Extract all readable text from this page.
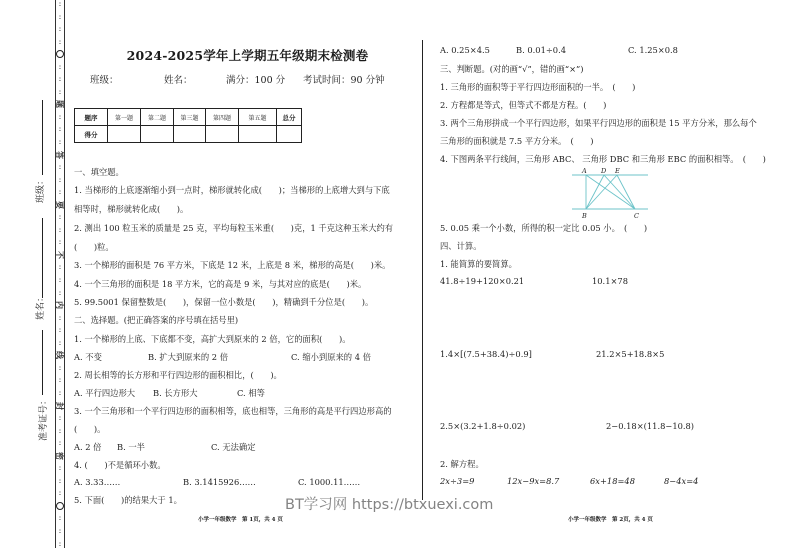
:
:
:
:
:
:
:
题
:
:
:
答
:
:
:
要
:
:
:
不
:
:
:
内
:
:
:
线
:
:
:
封
:
:
:
密
:
:
:
:
:
:
班级：
姓名：
准考证号：
2024-2025学年上学期五年级期末检测卷
班级：	姓名：	满分：100 分 考试时间：90 分钟
题序	第一题	第二题	第三题	第四题	第五题	总分
得分						
一、填空题。
1. 当梯形的上底逐渐缩小到一点时，梯形就转化成(　　)；当梯形的上底增大到与下底
相等时，梯形就转化成(　　)。
2. 测出 100 粒玉米的质量是 25 克，平均每粒玉米重(　　)克，1 千克这种玉米大约有
(　　)粒。
3. 一个梯形的面积是 76 平方米，下底是 12 米，上底是 8 米，梯形的高是(　　)米。
4. 一个三角形的面积是 18 平方米，它的高是 9 米，与其对应的底是(　　)米。
5. 99.5001 保留整数是(　　)，保留一位小数是(　　)，精确到千分位是(　　)。
二、选择题。(把正确答案的序号填在括号里)
1. 一个梯形的上底、下底都不变，高扩大到原来的 2 倍，它的面积(　　)。
A. 不变	B. 扩大到原来的 2 倍	C. 缩小到原来的 4 倍
2. 周长相等的长方形和平行四边形的面积相比，(　　)。
A. 平行四边形大 B. 长方形大	C. 相等
3. 一个三角形和一个平行四边形的面积相等，底也相等，三角形的高是平行四边形高的
(　　)。
A. 2 倍 B. 一半	C. 无法确定
4. (　　)不是循环小数。
A. 3.33……	B. 3.1415926……	C. 1000.11……
5. 下面(　　)的结果大于 1。
小学一年级数学　第 1页，共 4 页
A. 0.25×4.5	B. 0.01÷0.4	C. 1.25×0.8
三、判断题。(对的画“√”，错的画“×”)
1. 三角形的面积等于平行四边形面积的一半。　(　　)
2. 方程都是等式，但等式不都是方程。(　　)
3. 两个三角形拼成一个平行四边形，如果平行四边形的面积是 15 平方分米，那么每个
三角形的面积就是 7.5 平方分米。　(　　)
4. 下图两条平行线间，三角形 ABC、 三角形 DBC 和三角形 EBC 的面积相等。　(　　)
A D E
B	C
5. 0.05 乘一个小数，所得的积一定比 0.05 小。　(　　)
四、计算。
1. 能简算的要简算。
41.8÷19+120×0.21	10.1×78
1.4×[(7.5+38.4)÷0.9]	21.2×5+18.8×5
2.5×(3.2+1.8÷0.02)	2−0.18×(11.8−10.8)
2. 解方程。
2x÷3=9	12x−9x=8.7	6x+18=48	8−4x=4
小学一年级数学　第 2页，共 4 页
BT学习网 https://btxuexi.com
